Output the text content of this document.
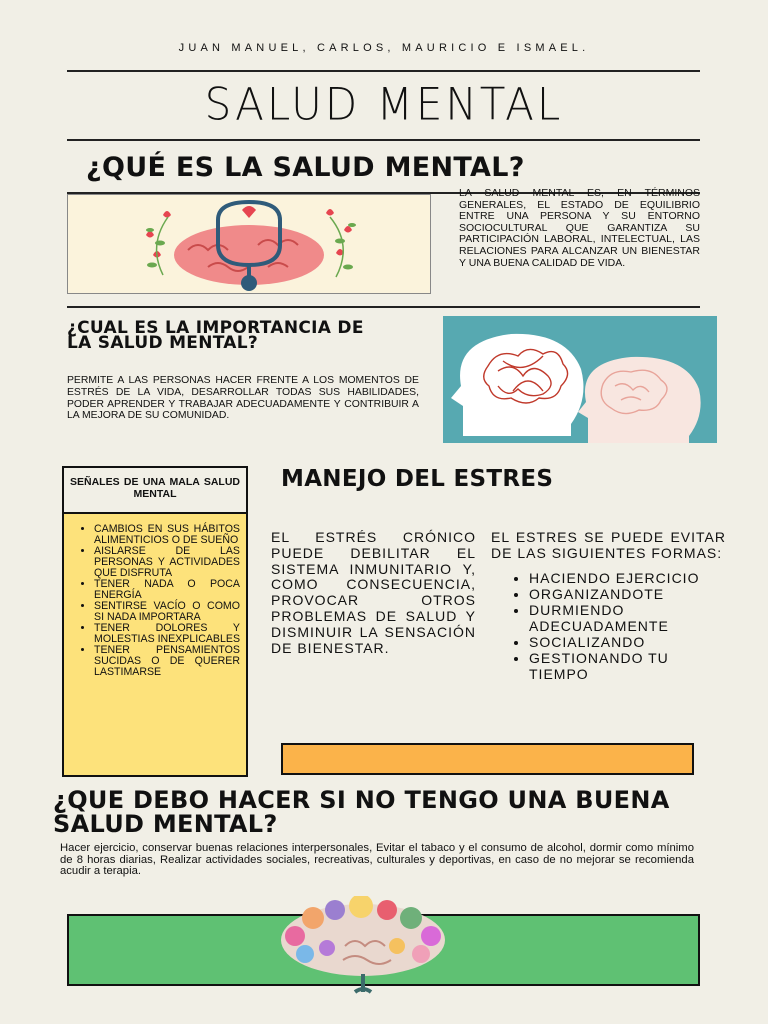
JUAN MANUEL, CARLOS, MAURICIO E ISMAEL.
SALUD MENTAL
¿QUÉ ES LA SALUD MENTAL?
LA SALUD MENTAL ES, EN TÉRMINOS GENERALES, EL ESTADO DE EQUILIBRIO ENTRE UNA PERSONA Y SU ENTORNO SOCIOCULTURAL QUE GARANTIZA SU PARTICIPACIÓN LABORAL, INTELECTUAL, LAS RELACIONES PARA ALCANZAR UN BIENESTAR Y UNA BUENA CALIDAD DE VIDA.
¿CUAL ES LA IMPORTANCIA DE LA SALUD MENTAL?
PERMITE A LAS PERSONAS HACER FRENTE A LOS MOMENTOS DE ESTRÉS DE LA VIDA, DESARROLLAR TODAS SUS HABILIDADES, PODER APRENDER Y TRABAJAR ADECUADAMENTE Y CONTRIBUIR A LA MEJORA DE SU COMUNIDAD.
SEÑALES DE UNA MALA SALUD MENTAL
• CAMBIOS EN SUS HÁBITOS ALIMENTICIOS O DE SUEÑO
• AISLARSE DE LAS PERSONAS Y ACTIVIDADES QUE DISFRUTA
• TENER NADA O POCA ENERGÍA
• SENTIRSE VACÍO O COMO SI NADA IMPORTARA
• TENER DOLORES Y MOLESTIAS INEXPLICABLES
• TENER PENSAMIENTOS SUCIDAS O DE QUERER LASTIMARSE
MANEJO DEL ESTRES
EL ESTRÉS CRÓNICO PUEDE DEBILITAR EL SISTEMA INMUNITARIO Y, COMO CONSECUENCIA, PROVOCAR OTROS PROBLEMAS DE SALUD Y DISMINUIR LA SENSACIÓN DE BIENESTAR.
EL ESTRES SE PUEDE EVITAR DE LAS SIGUIENTES FORMAS:
• HACIENDO EJERCICIO
• ORGANIZANDOTE
• DURMIENDO ADECUADAMENTE
• SOCIALIZANDO
• GESTIONANDO TU TIEMPO
¿QUE DEBO HACER SI NO TENGO UNA BUENA SALUD MENTAL?
Hacer ejercicio, conservar buenas relaciones interpersonales, Evitar el tabaco y el consumo de alcohol, dormir como mínimo de 8 horas diarias, Realizar actividades sociales, recreativas, culturales y deportivas, en caso de no mejorar se recomienda acudir a terapia.
